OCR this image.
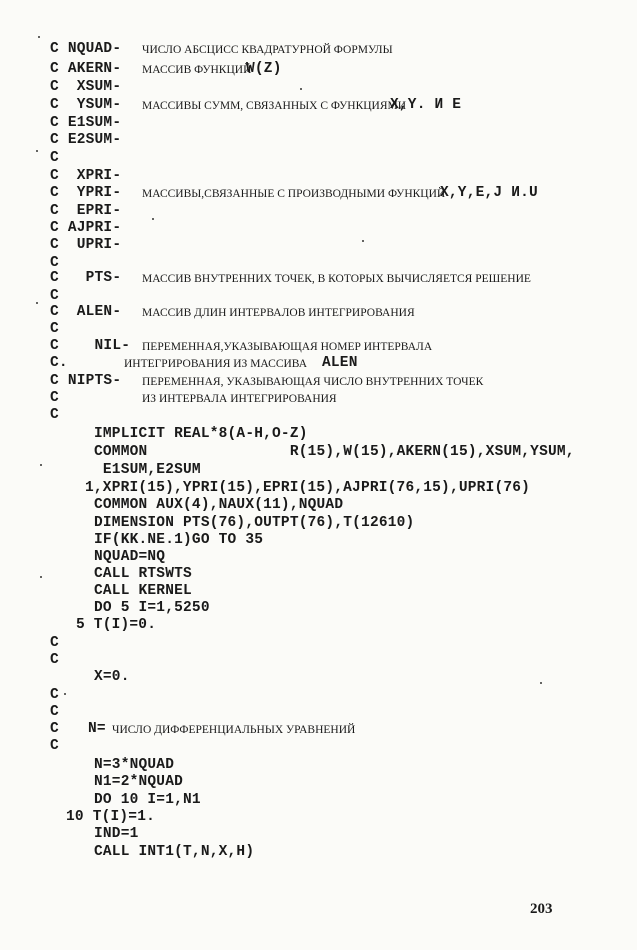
C NQUAD- ЧИСЛО АБСЦИСС КВАДРАТУРНОЙ ФОРМУЛЫ
C AKERN- МАССИВ ФУНКЦИЙ
W(Z)
C XSUM-
C YSUM- МАССИВЫ СУММ, СВЯЗАННЫХ С ФУНКЦИЯМИ
X,Y. И E
C E1SUM-
C E2SUM-
C
C XPRI-
C YPRI- МАССИВЫ,СВЯЗАННЫЕ С ПРОИЗВОДНЫМИ ФУНКЦИЙ
X,Y,E,J И.U
C EPRI-
C AJPRI-
C UPRI-
C
C PTS- МАССИВ ВНУТРЕННИХ ТОЧЕК, В КОТОРЫХ ВЫЧИСЛЯЕТСЯ РЕШЕНИЕ
C
C ALEN- МАССИВ ДЛИН ИНТЕРВАЛОВ ИНТЕГРИРОВАНИЯ
C
C NIL- ПЕРЕМЕННАЯ,УКАЗЫВАЮЩАЯ НОМЕР ИНТЕРВАЛА
C.	ИНТЕГРИРОВАНИЯ ИЗ МАССИВА ALEN
C NIPTS- ПЕРЕМЕННАЯ, УКАЗЫВАЮЩАЯ ЧИСЛО ВНУТРЕННИХ ТОЧЕК
C	ИЗ ИНТЕРВАЛА ИНТЕГРИРОВАНИЯ
C
IMPLICIT REAL*8(A-H,O-Z)
COMMON                R(15),W(15),AKERN(15),XSUM,YSUM,
E1SUM,E2SUM
1,XPRI(15),YPRI(15),EPRI(15),AJPRI(76,15),UPRI(76)
COMMON AUX(4),NAUX(11),NQUAD
DIMENSION PTS(76),OUTPT(76),T(12610)
IF(KK.NE.1)GO TO 35
NQUAD=NQ
CALL RTSWTS
CALL KERNEL
DO 5 I=1,5250
5 T(I)=0.
C
C
X=0.
C
C
C N= ЧИСЛО ДИФФЕРЕНЦИАЛЬНЫХ УРАВНЕНИЙ
C
N=3*NQUAD
N1=2*NQUAD
DO 10 I=1,N1
10 T(I)=1.
IND=1
CALL INT1(T,N,X,H)
203
